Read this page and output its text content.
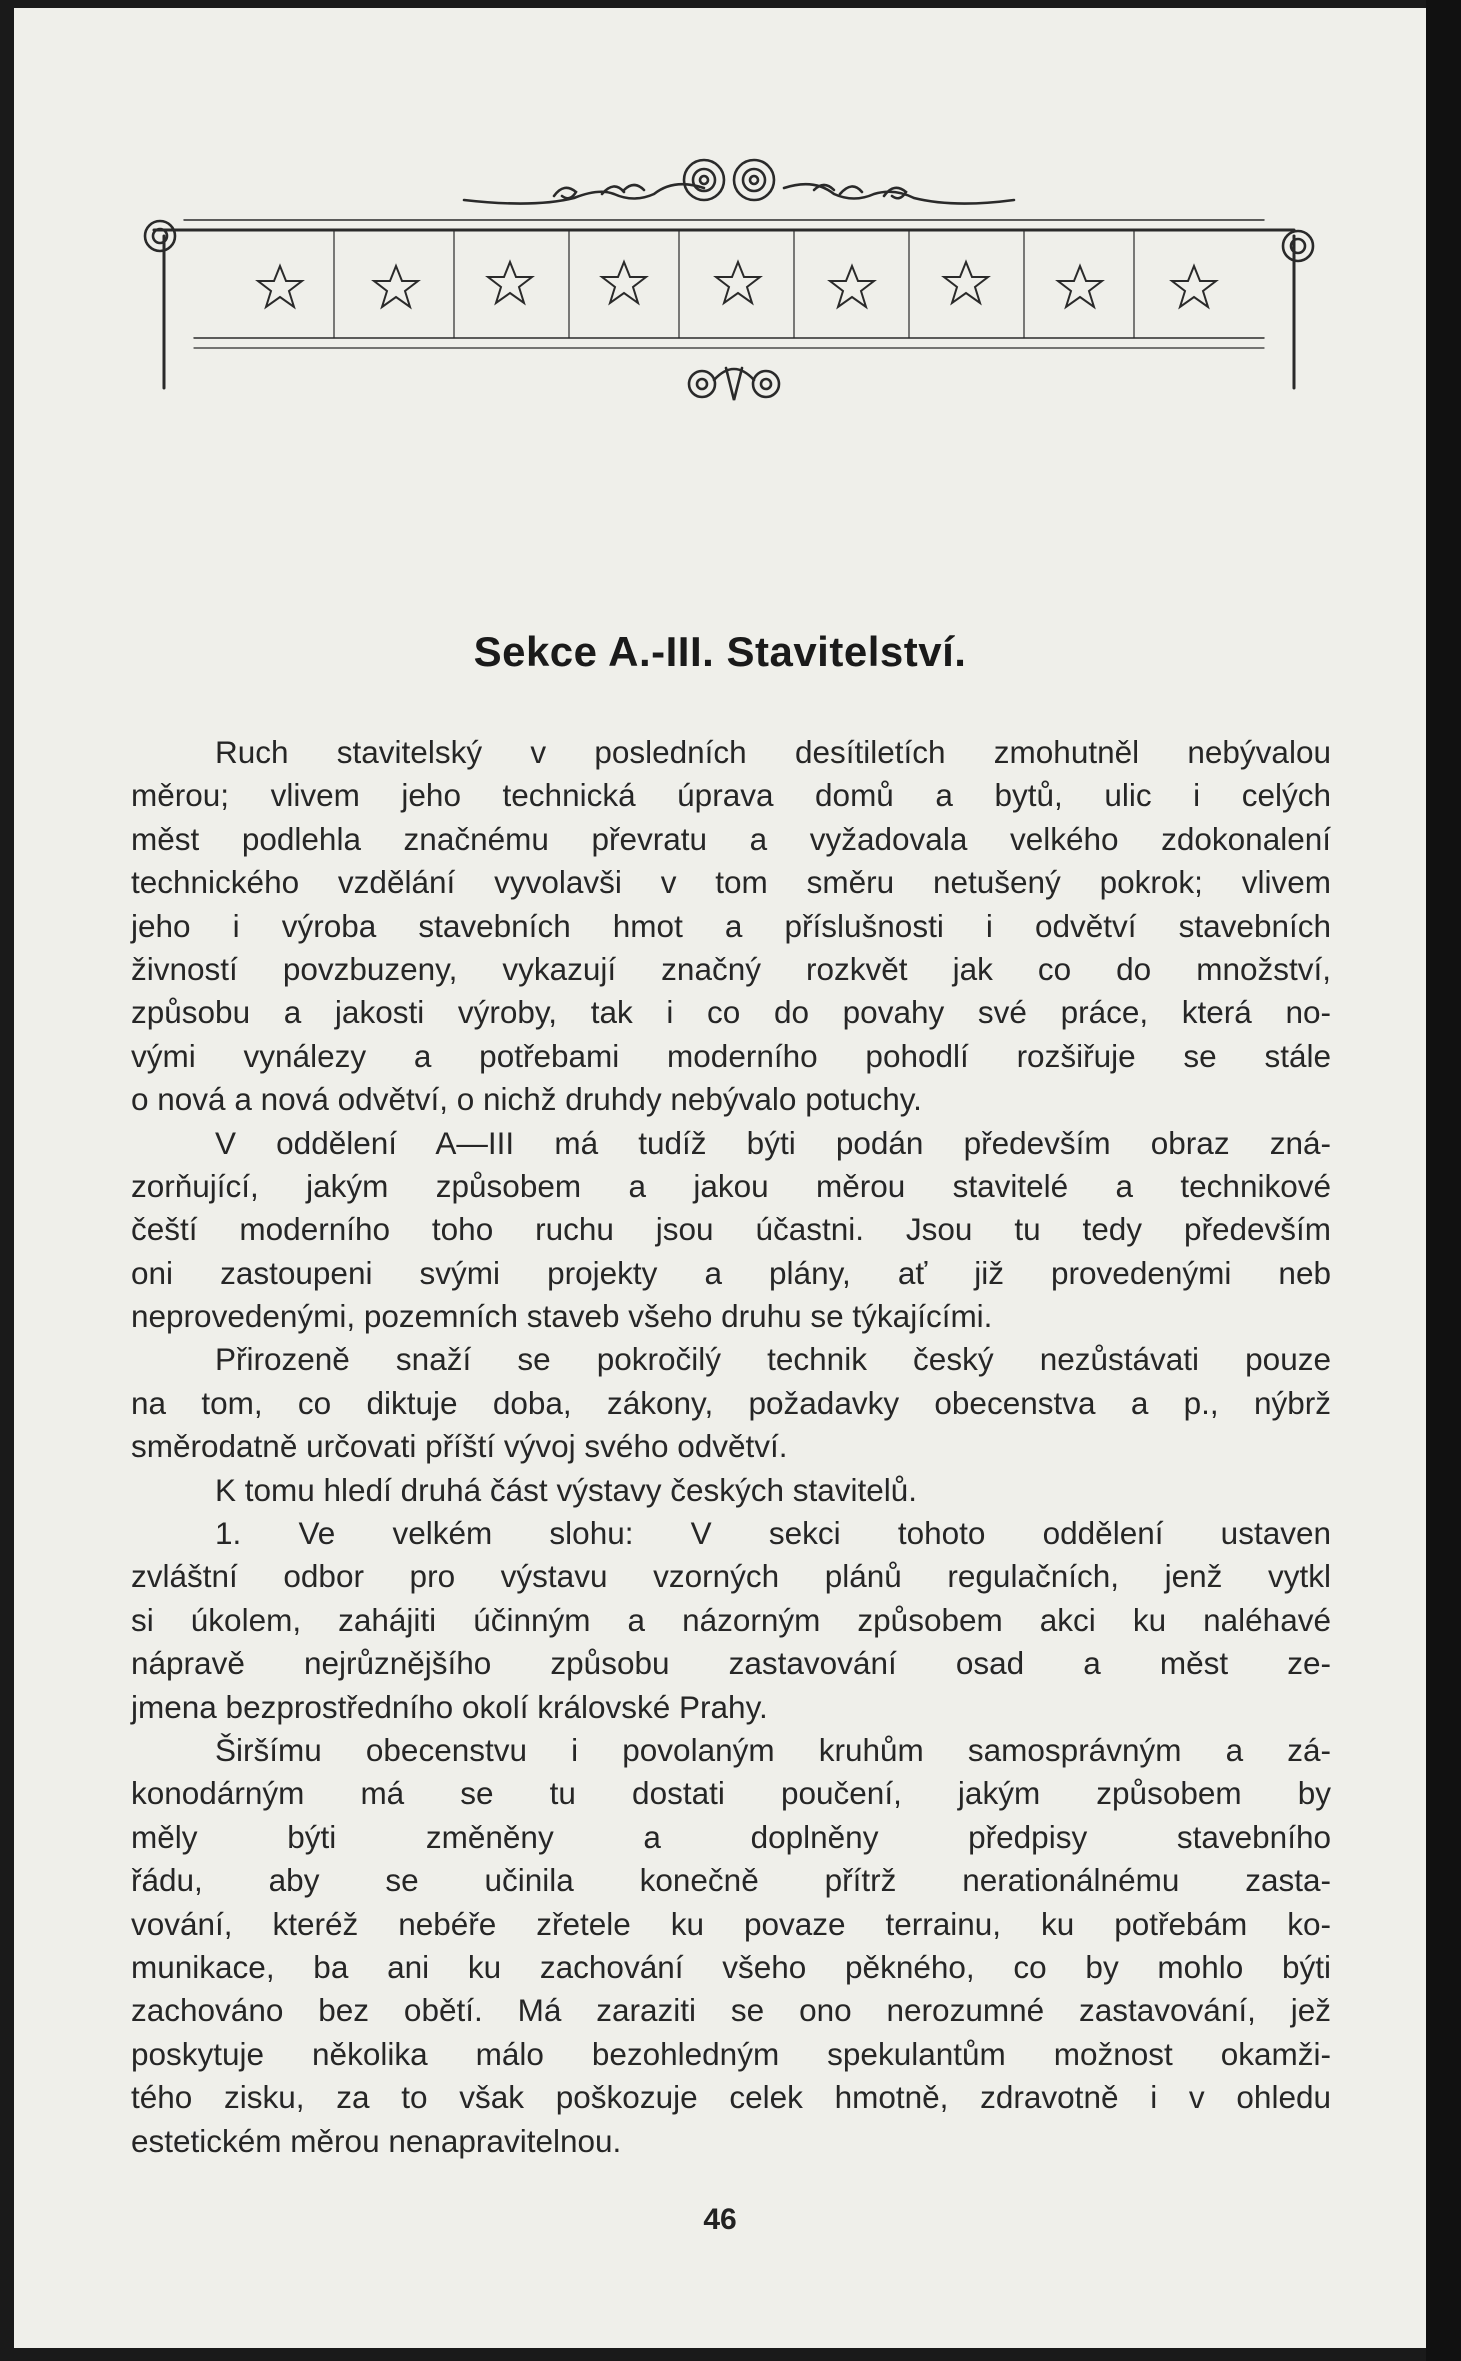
Sekce A.-III. Stavitelství.
Ruch stavitelský v posledních desítiletích zmohutněl nebývalou
měrou; vlivem jeho technická úprava domů a bytů, ulic i celých
měst podlehla značnému převratu a vyžadovala velkého zdokonalení
technického vzdělání vyvolavši v tom směru netušený pokrok; vlivem
jeho i výroba stavebních hmot a příslušnosti i odvětví stavebních
živností povzbuzeny, vykazují značný rozkvět jak co do množství,
způsobu a jakosti výroby, tak i co do povahy své práce, která no-
vými vynálezy a potřebami moderního pohodlí rozšiřuje se stále
o nová a nová odvětví, o nichž druhdy nebývalo potuchy.
V oddělení A—III má tudíž býti podán především obraz zná-
zorňující, jakým způsobem a jakou měrou stavitelé a technikové
čeští moderního toho ruchu jsou účastni. Jsou tu tedy především
oni zastoupeni svými projekty a plány, ať již provedenými neb
neprovedenými, pozemních staveb všeho druhu se týkajícími.
Přirozeně snaží se pokročilý technik český nezůstávati pouze
na tom, co diktuje doba, zákony, požadavky obecenstva a p., nýbrž
směrodatně určovati příští vývoj svého odvětví.
K tomu hledí druhá část výstavy českých stavitelů.
1. Ve velkém slohu: V sekci tohoto oddělení ustaven
zvláštní odbor pro výstavu vzorných plánů regulačních, jenž vytkl
si úkolem, zahájiti účinným a názorným způsobem akci ku naléhavé
nápravě nejrůznějšího způsobu zastavování osad a měst ze-
jmena bezprostředního okolí královské Prahy.
Širšímu obecenstvu i povolaným kruhům samosprávným a zá-
konodárným má se tu dostati poučení, jakým způsobem by
měly býti změněny a doplněny předpisy stavebního
řádu, aby se učinila konečně přítrž nerationálnému zasta-
vování, kteréž nebéře zřetele ku povaze terrainu, ku potřebám ko-
munikace, ba ani ku zachování všeho pěkného, co by mohlo býti
zachováno bez obětí. Má zaraziti se ono nerozumné zastavování, jež
poskytuje několika málo bezohledným spekulantům možnost okamži-
tého zisku, za to však poškozuje celek hmotně, zdravotně i v ohledu
estetickém měrou nenapravitelnou.
46
